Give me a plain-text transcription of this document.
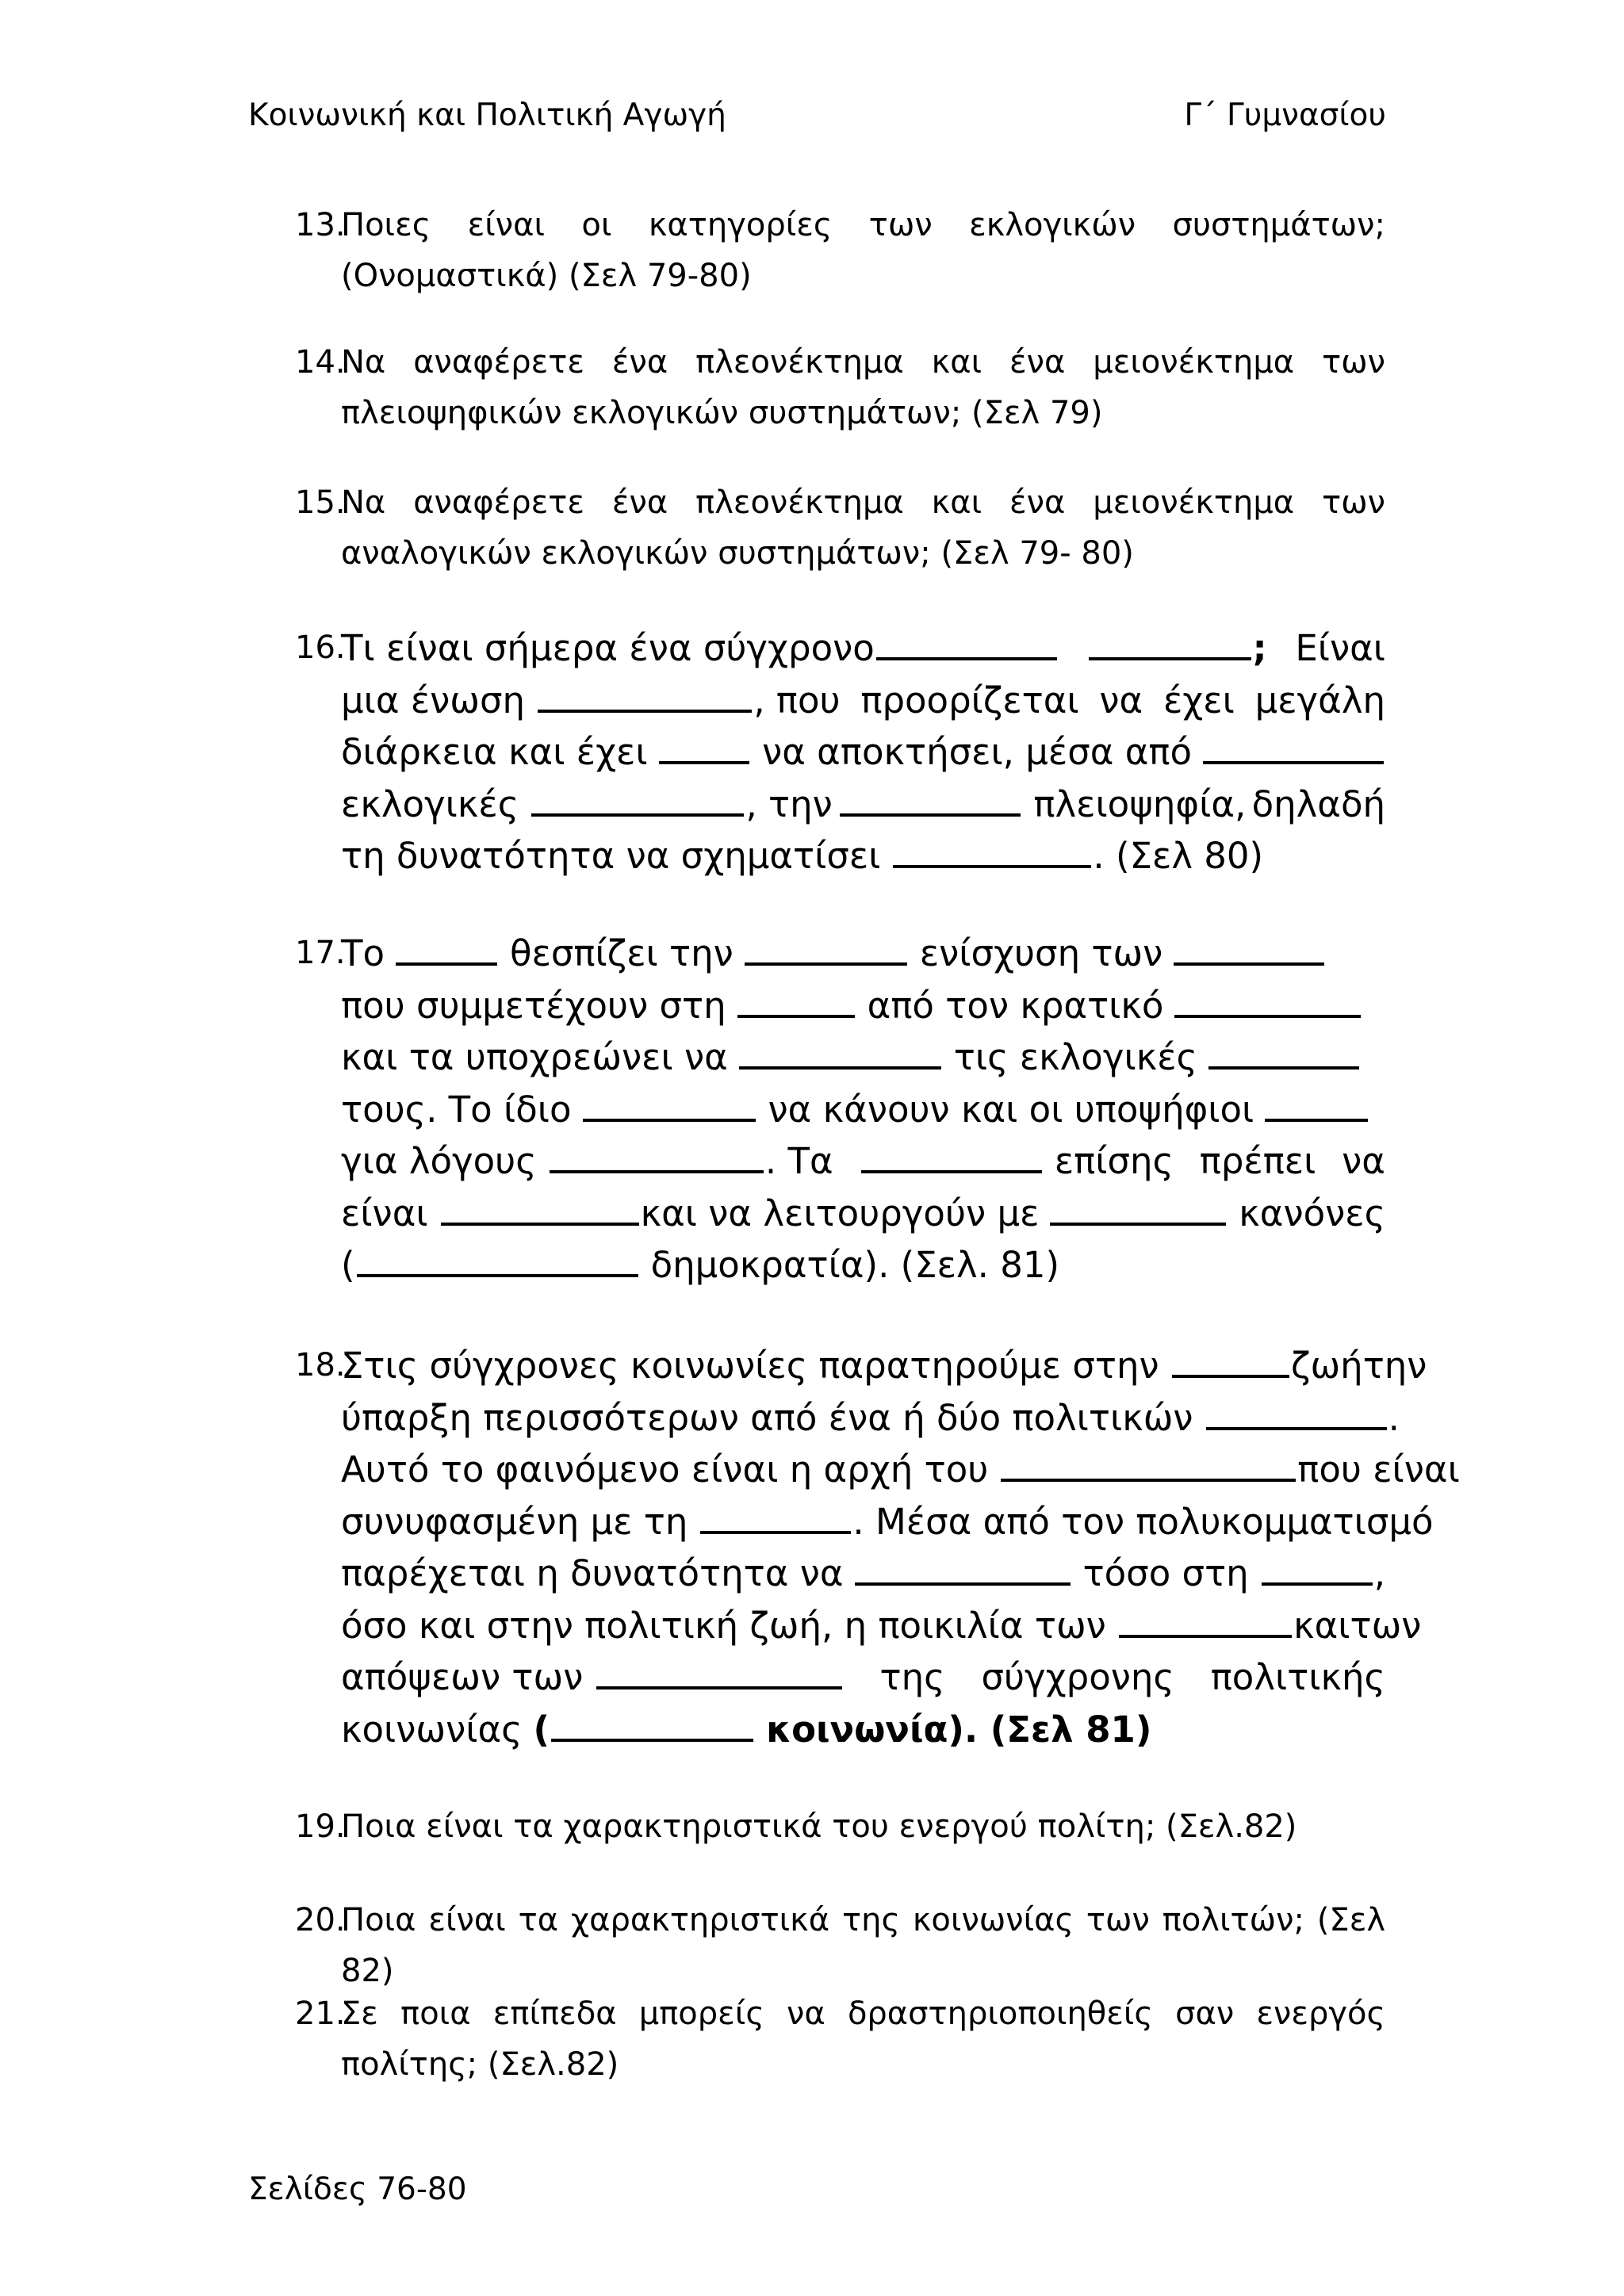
Κοινωνική και Πολιτική Αγωγή	Γ΄ Γυμνασίου
13.
Ποιες είναι οι κατηγορίες των εκλογικών συστημάτων; (Ονομαστικά) (Σελ 79-80)
14.
Να αναφέρετε ένα πλεονέκτημα και ένα μειονέκτημα των πλειοψηφικών εκλογικών συστημάτων; (Σελ 79)
15.
Να αναφέρετε ένα πλεονέκτημα και ένα μειονέκτημα των αναλογικών εκλογικών συστημάτων; (Σελ 79- 80)
16.
Τι είναι σήμερα ένα σύγχρονο	; Είναι
μια ένωση	, που προορίζεται να έχει μεγάλη
διάρκεια και έχει	να αποκτήσει, μέσα από
εκλογικές	, την	πλειοψηφία, δηλαδή
τη δυνατότητα να σχηματίσει	. (Σελ 80)
17.
Το	θεσπίζει την	ενίσχυση των
που συμμετέχουν στη	από τον κρατικό
και τα υποχρεώνει να	τις εκλογικές
τους. Το ίδιο	να κάνουν και οι υποψήφιοι
για λόγους	. Τα	επίσης πρέπει να
είναι	και να λειτουργούν με	κανόνες
(	δημοκρατία). (Σελ. 81)
18.
Στις σύγχρονες κοινωνίες παρατηρούμε στην	ζωή την
ύπαρξη περισσότερων από ένα ή δύο πολιτικών	.
Αυτό το φαινόμενο είναι η αρχή του	που είναι
συνυφασμένη με τη	. Μέσα από τον πολυκομματισμό
παρέχεται η δυνατότητα να	τόσο στη	,
όσο και στην πολιτική ζωή, η ποικιλία των	και των
απόψεων των	της σύγχρονης πολιτικής
κοινωνίας (	κοινωνία). (Σελ 81)
19.
Ποια είναι τα χαρακτηριστικά του ενεργού πολίτη; (Σελ.82)
20.
Ποια είναι τα χαρακτηριστικά της κοινωνίας των πολιτών; (Σελ 82)
21.
Σε ποια επίπεδα μπορείς να δραστηριοποιηθείς σαν ενεργός πολίτης; (Σελ.82)
Σελίδες 76-80
